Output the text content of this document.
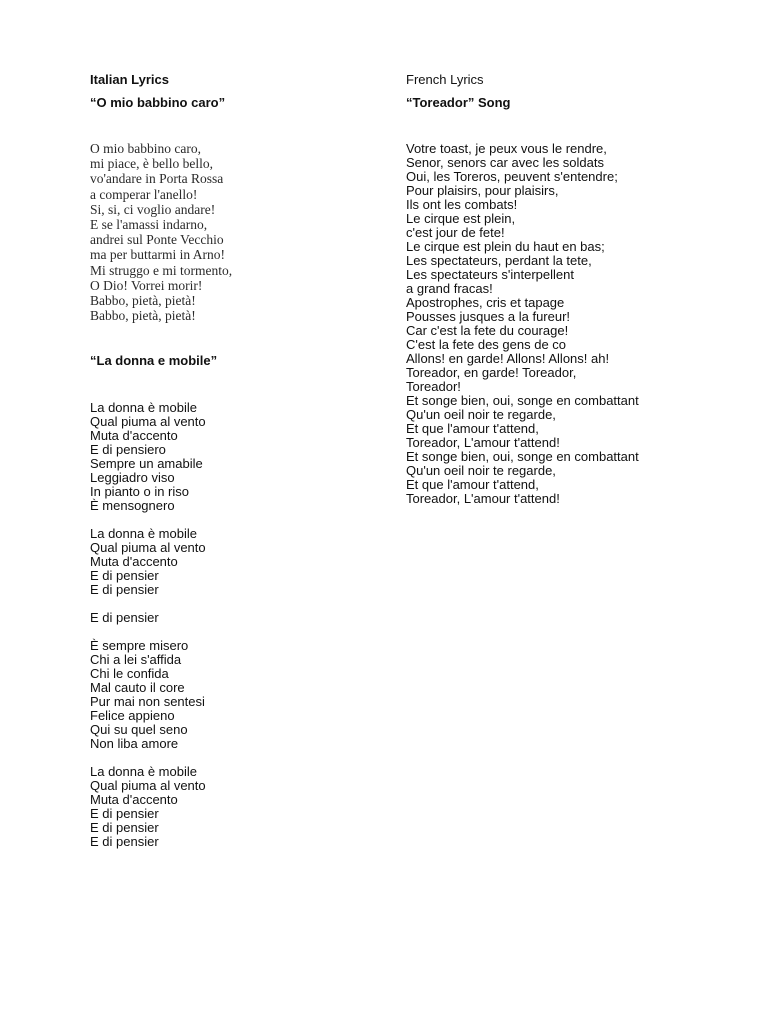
Italian Lyrics

“O mio babbino caro”

O mio babbino caro,
mi piace, è bello bello,
vo'andare in Porta Rossa
a comperar l'anello!
Si, si, ci voglio andare!
E se l'amassi indarno,
andrei sul Ponte Vecchio
ma per buttarmi in Arno!
Mi struggo e mi tormento,
O Dio! Vorrei morir!
Babbo, pietà, pietà!
Babbo, pietà, pietà!

“La donna e mobile”

La donna è mobile
Qual piuma al vento
Muta d'accento
E di pensiero
Sempre un amabile
Leggiadro viso
In pianto o in riso
È mensognero
La donna è mobile
Qual piuma al vento
Muta d'accento
E di pensier
E di pensier
E di pensier
È sempre misero
Chi a lei s'affida
Chi le confida
Mal cauto il core
Pur mai non sentesi
Felice appieno
Qui su quel seno
Non liba amore
La donna è mobile
Qual piuma al vento
Muta d'accento
E di pensier
E di pensier
E di pensier

French Lyrics

“Toreador” Song

Votre toast, je peux vous le rendre,
Senor, senors car avec les soldats
Oui, les Toreros, peuvent s'entendre;
Pour plaisirs, pour plaisirs,
Ils ont les combats!
Le cirque est plein,
c'est jour de fete!
Le cirque est plein du haut en bas;
Les spectateurs, perdant la tete,
Les spectateurs s'interpellent
a grand fracas!
Apostrophes, cris et tapage
Pousses jusques a la fureur!
Car c'est la fete du courage!
C'est la fete des gens de co
Allons! en garde! Allons! Allons! ah!
Toreador, en garde! Toreador,
Toreador!
Et songe bien, oui, songe en combattant
Qu'un oeil noir te regarde,
Et que l'amour t'attend,
Toreador, L'amour t'attend!
Et songe bien, oui, songe en combattant
Qu'un oeil noir te regarde,
Et que l'amour t'attend,
Toreador, L'amour t'attend!
